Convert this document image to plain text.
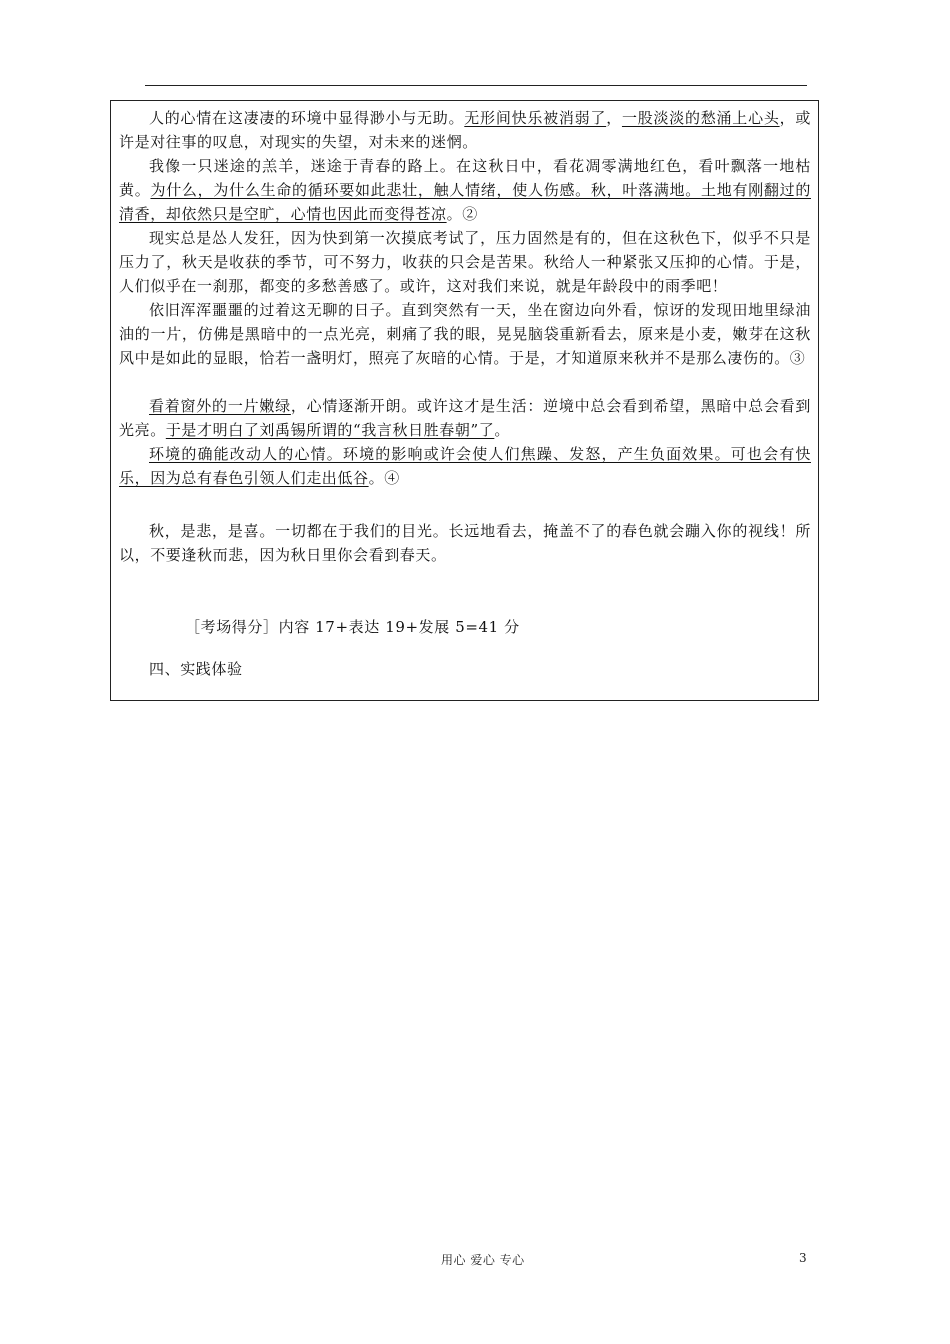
人的心情在这凄凄的环境中显得渺小与无助。无形间快乐被消弱了，一股淡淡的愁涌上心头，或许是对往事的叹息，对现实的失望，对未来的迷惘。

我像一只迷途的羔羊，迷途于青春的路上。在这秋日中，看花凋零满地红色，看叶飘落一地枯黄。为什么，为什么生命的循环要如此悲壮，触人情绪，使人伤感。秋，叶落满地。土地有刚翻过的清香，却依然只是空旷，心情也因此而变得苍凉。②

现实总是怂人发狂，因为快到第一次摸底考试了，压力固然是有的，但在这秋色下，似乎不只是压力了，秋天是收获的季节，可不努力，收获的只会是苦果。秋给人一种紧张又压抑的心情。于是，人们似乎在一刹那，都变的多愁善感了。或许，这对我们来说，就是年龄段中的雨季吧！

依旧浑浑噩噩的过着这无聊的日子。直到突然有一天，坐在窗边向外看，惊讶的发现田地里绿油油的一片，仿佛是黑暗中的一点光亮，刺痛了我的眼，晃晃脑袋重新看去，原来是小麦，嫩芽在这秋风中是如此的显眼，恰若一盏明灯，照亮了灰暗的心情。于是，才知道原来秋并不是那么凄伤的。③

看着窗外的一片嫩绿，心情逐渐开朗。或许这才是生活：逆境中总会看到希望，黑暗中总会看到光亮。于是才明白了刘禹锡所谓的“我言秋日胜春朝”了。

环境的确能改动人的心情。环境的影响或许会使人们焦躁、发怒，产生负面效果。可也会有快乐，因为总有春色引领人们走出低谷。④

秋，是悲，是喜。一切都在于我们的目光。长远地看去，掩盖不了的春色就会蹦入你的视线！所以，不要逢秋而悲，因为秋日里你会看到春天。

［考场得分］内容 17+表达 19+发展 5=41 分

四、实践体验

用心 爱心 专心	3
